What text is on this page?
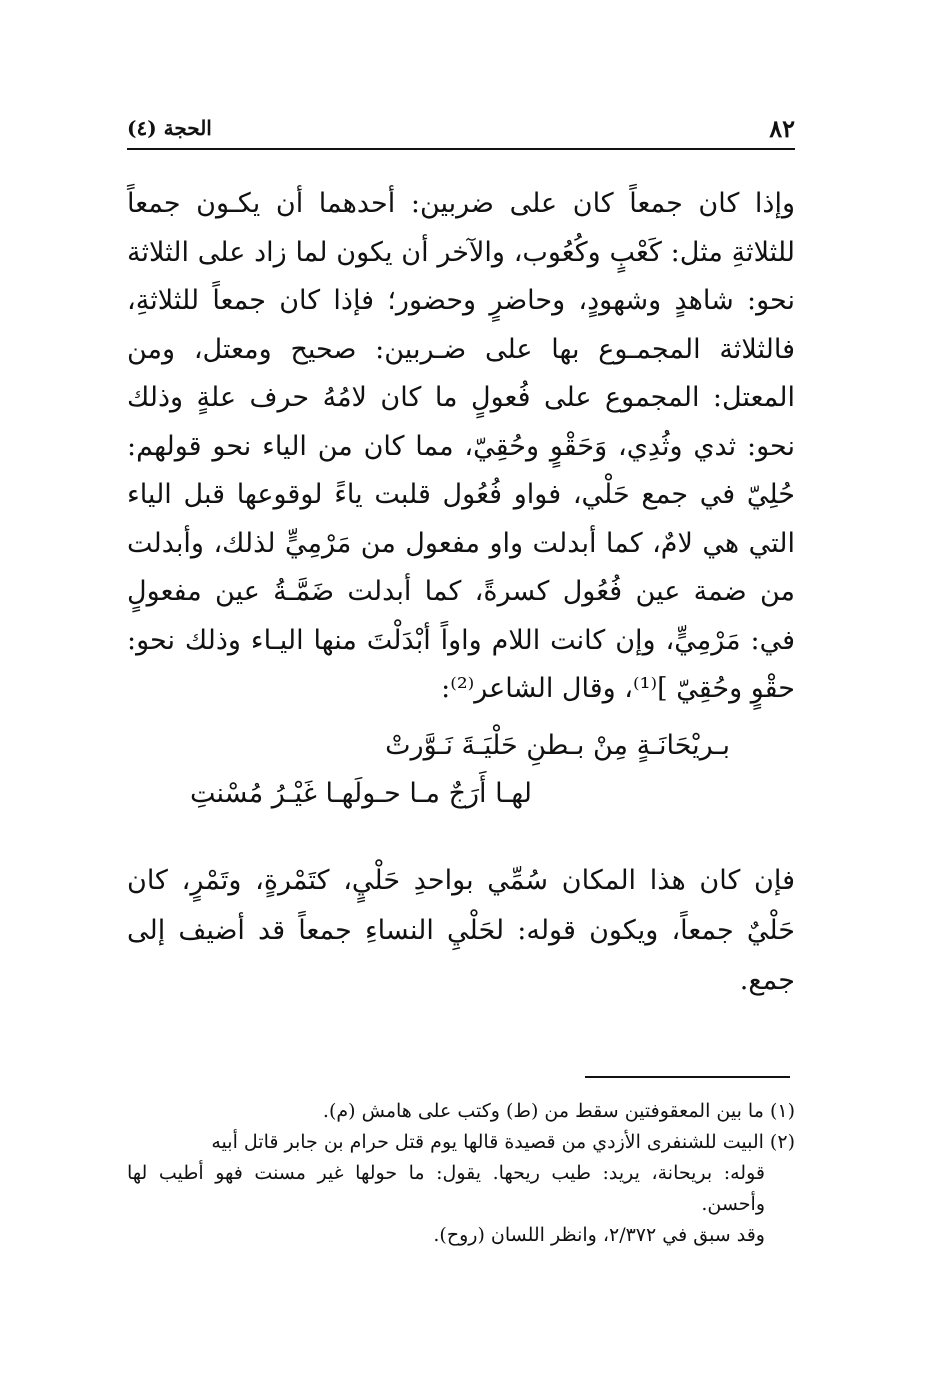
٨٢
الحجة (٤)

وإذا كان جمعاً كان على ضربين: أحدهما أن يكـون جمعاً للثلاثةِ مثل: كَعْبٍ وكُعُوب، والآخر أن يكون لما زاد على الثلاثة نحو: شاهدٍ وشهودٍ، وحاضرٍ وحضور؛ فإذا كان جمعاً للثلاثةِ، فالثلاثة المجمـوع بها على ضـربين: صحيح ومعتل، ومن المعتل: المجموع على فُعولٍ ما كان لامُهُ حرف علةٍ وذلك نحو: ثدي وثُدِي، وَحَقْوٍ وحُقِيّ، مما كان من الياء نحو قولهم: حُلِيّ في جمع حَلْي، فواو فُعُول قلبت ياءً لوقوعها قبل الياء التي هي لامٌ، كما أبدلت واو مفعول من مَرْمِيٍّ لذلك، وأبدلت من ضمة عين فُعُول كسرةً، كما أبدلت ضَمَّـةُ عين مفعولٍ في: مَرْمِيٍّ، وإن كانت اللام واواً أبْدَلْتَ منها اليـاء وذلك نحو: حقْوٍ وحُقِيّ ]⁽¹⁾، وقال الشاعر⁽²⁾:

بـريْحَانَـةٍ مِنْ بـطنِ حَلْيَـةَ نَـوَّرتْ
لهـا أَرَجٌ مـا حـولَهـا غَيْـرُ مُسْنتِ

فإن كان هذا المكان سُمِّي بواحدِ حَلْيٍ، كتَمْرةٍ، وتَمْرٍ، كان حَلْيٌ جمعاً، ويكون قوله: لحَلْيِ النساءِ جمعاً قد أضيف إلى جمع.

(١) ما بين المعقوفتين سقط من (ط) وكتب على هامش (م).

(٢) البيت للشنفرى الأزدي من قصيدة قالها يوم قتل حرام بن جابر قاتل أبيه

قوله: بريحانة، يريد: طيب ريحها. يقول: ما حولها غير مسنت فهو أطيب لها وأحسن.

وقد سبق في ٢/٣٧٢، وانظر اللسان (روح).
